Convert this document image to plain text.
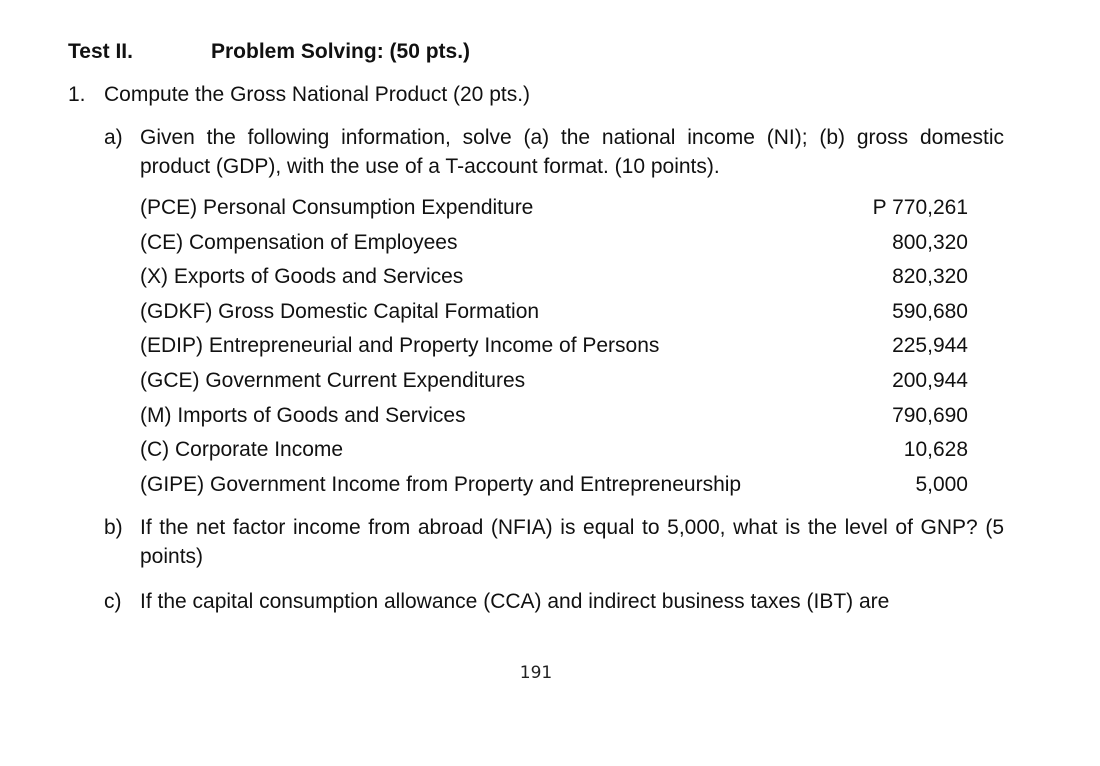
Test II.	Problem Solving: (50 pts.)
1. Compute the Gross National Product (20 pts.)
a) Given the following information, solve (a) the national income (NI); (b) gross domestic product (GDP), with the use of a T-account format. (10 points).
(PCE) Personal Consumption Expenditure	P 770,261
(CE) Compensation of Employees	800,320
(X) Exports of Goods and Services	820,320
(GDKF) Gross Domestic Capital Formation	590,680
(EDIP) Entrepreneurial and Property Income of Persons	225,944
(GCE) Government Current Expenditures	200,944
(M) Imports of Goods and Services	790,690
(C) Corporate Income	10,628
(GIPE) Government Income from Property and Entrepreneurship	5,000
b) If the net factor income from abroad (NFIA) is equal to 5,000, what is the level of GNP? (5 points)
c) If the capital consumption allowance (CCA) and indirect business taxes (IBT) are
191
